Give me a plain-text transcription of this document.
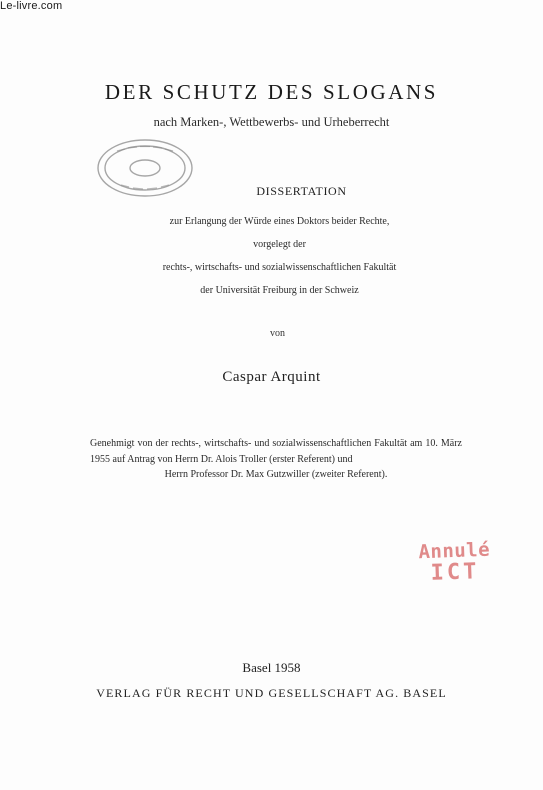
Le-livre.com
DER SCHUTZ DES SLOGANS
nach Marken-, Wettbewerbs- und Urheberrecht
DISSERTATION
zur Erlangung der Würde eines Doktors beider Rechte,
vorgelegt der
rechts-, wirtschafts- und sozialwissenschaftlichen Fakultät
der Universität Freiburg in der Schweiz
von
Caspar Arquint
Genehmigt von der rechts-, wirtschafts- und sozialwissenschaftlichen Fakultät am 10. März 1955 auf Antrag von Herrn Dr. Alois Troller (erster Referent) und
Herrn Professor Dr. Max Gutzwiller (zweiter Referent).
Annulé
ICT
Basel 1958
VERLAG FÜR RECHT UND GESELLSCHAFT AG. BASEL
